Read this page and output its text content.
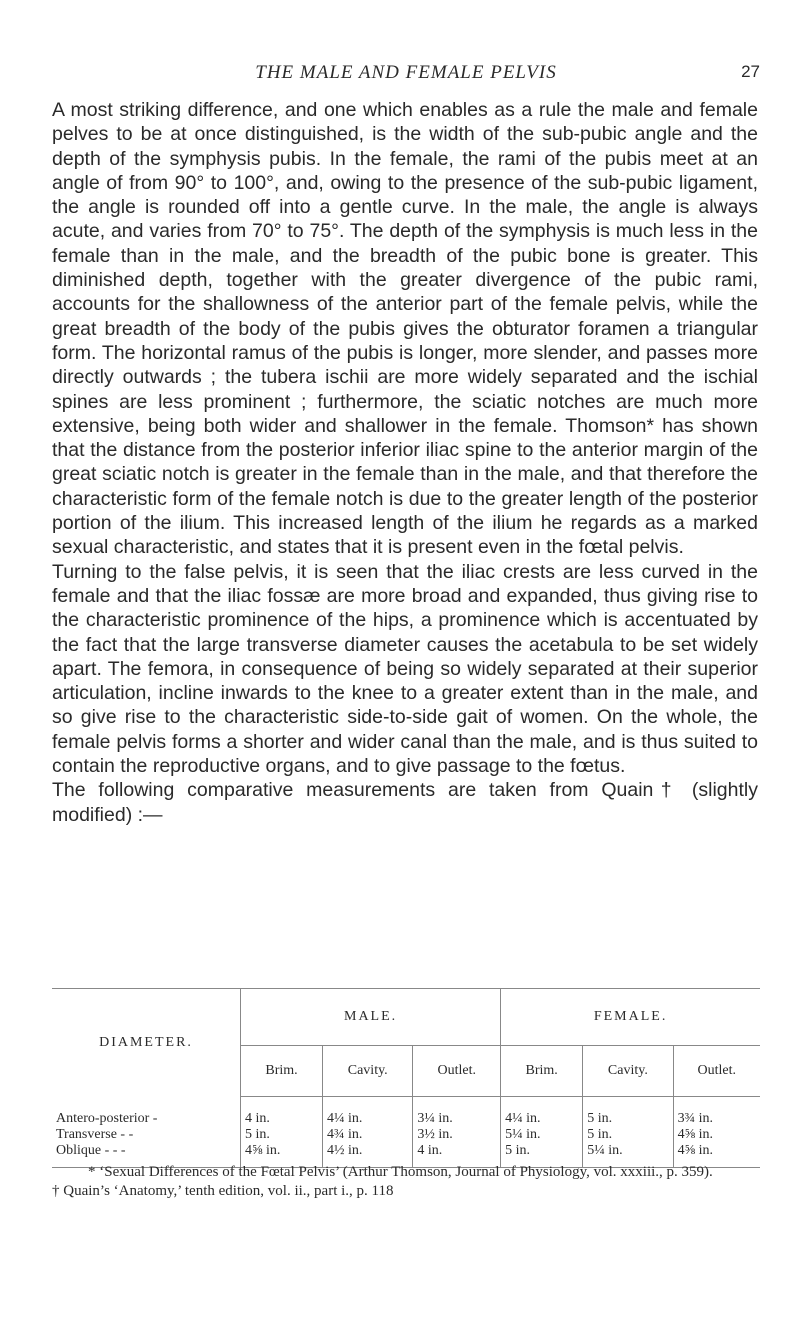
THE MALE AND FEMALE PELVIS	27

A most striking difference, and one which enables as a rule the male and female pelves to be at once distinguished, is the width of the sub-pubic angle and the depth of the symphysis pubis. In the female, the rami of the pubis meet at an angle of from 90° to 100°, and, owing to the presence of the sub-pubic ligament, the angle is rounded off into a gentle curve. In the male, the angle is always acute, and varies from 70° to 75°. The depth of the symphysis is much less in the female than in the male, and the breadth of the pubic bone is greater. This diminished depth, together with the greater divergence of the pubic rami, accounts for the shallowness of the anterior part of the female pelvis, while the great breadth of the body of the pubis gives the obturator foramen a triangular form. The horizontal ramus of the pubis is longer, more slender, and passes more directly outwards ; the tubera ischii are more widely separated and the ischial spines are less prominent ; furthermore, the sciatic notches are much more extensive, being both wider and shallower in the female. Thomson* has shown that the distance from the posterior inferior iliac spine to the anterior margin of the great sciatic notch is greater in the female than in the male, and that therefore the characteristic form of the female notch is due to the greater length of the posterior portion of the ilium. This increased length of the ilium he regards as a marked sexual characteristic, and states that it is present even in the fœtal pelvis.

Turning to the false pelvis, it is seen that the iliac crests are less curved in the female and that the iliac fossæ are more broad and expanded, thus giving rise to the characteristic prominence of the hips, a prominence which is accentuated by the fact that the large transverse diameter causes the acetabula to be set widely apart. The femora, in consequence of being so widely separated at their superior articulation, incline inwards to the knee to a greater extent than in the male, and so give rise to the characteristic side-to-side gait of women. On the whole, the female pelvis forms a shorter and wider canal than the male, and is thus suited to contain the reproductive organs, and to give passage to the fœtus.

The following comparative measurements are taken from Quain† (slightly modified) :—

DIAMETER.	MALE.			FEMALE.		
	Brim.	Cavity.	Outlet.	Brim.	Cavity.	Outlet.
Antero-posterior -	4 in.	4¼ in.	3¼ in.	4¼ in.	5 in.	3¾ in.
Transverse - -	5 in.	4¾ in.	3½ in.	5¼ in.	5 in.	4⅝ in.
Oblique - - -	4⅝ in.	4½ in.	4 in.	5 in.	5¼ in.	4⅝ in.

* ‘Sexual Differences of the Fœtal Pelvis’ (Arthur Thomson, Journal of Physiology, vol. xxxiii., p. 359).

† Quain’s ‘Anatomy,’ tenth edition, vol. ii., part i., p. 118
